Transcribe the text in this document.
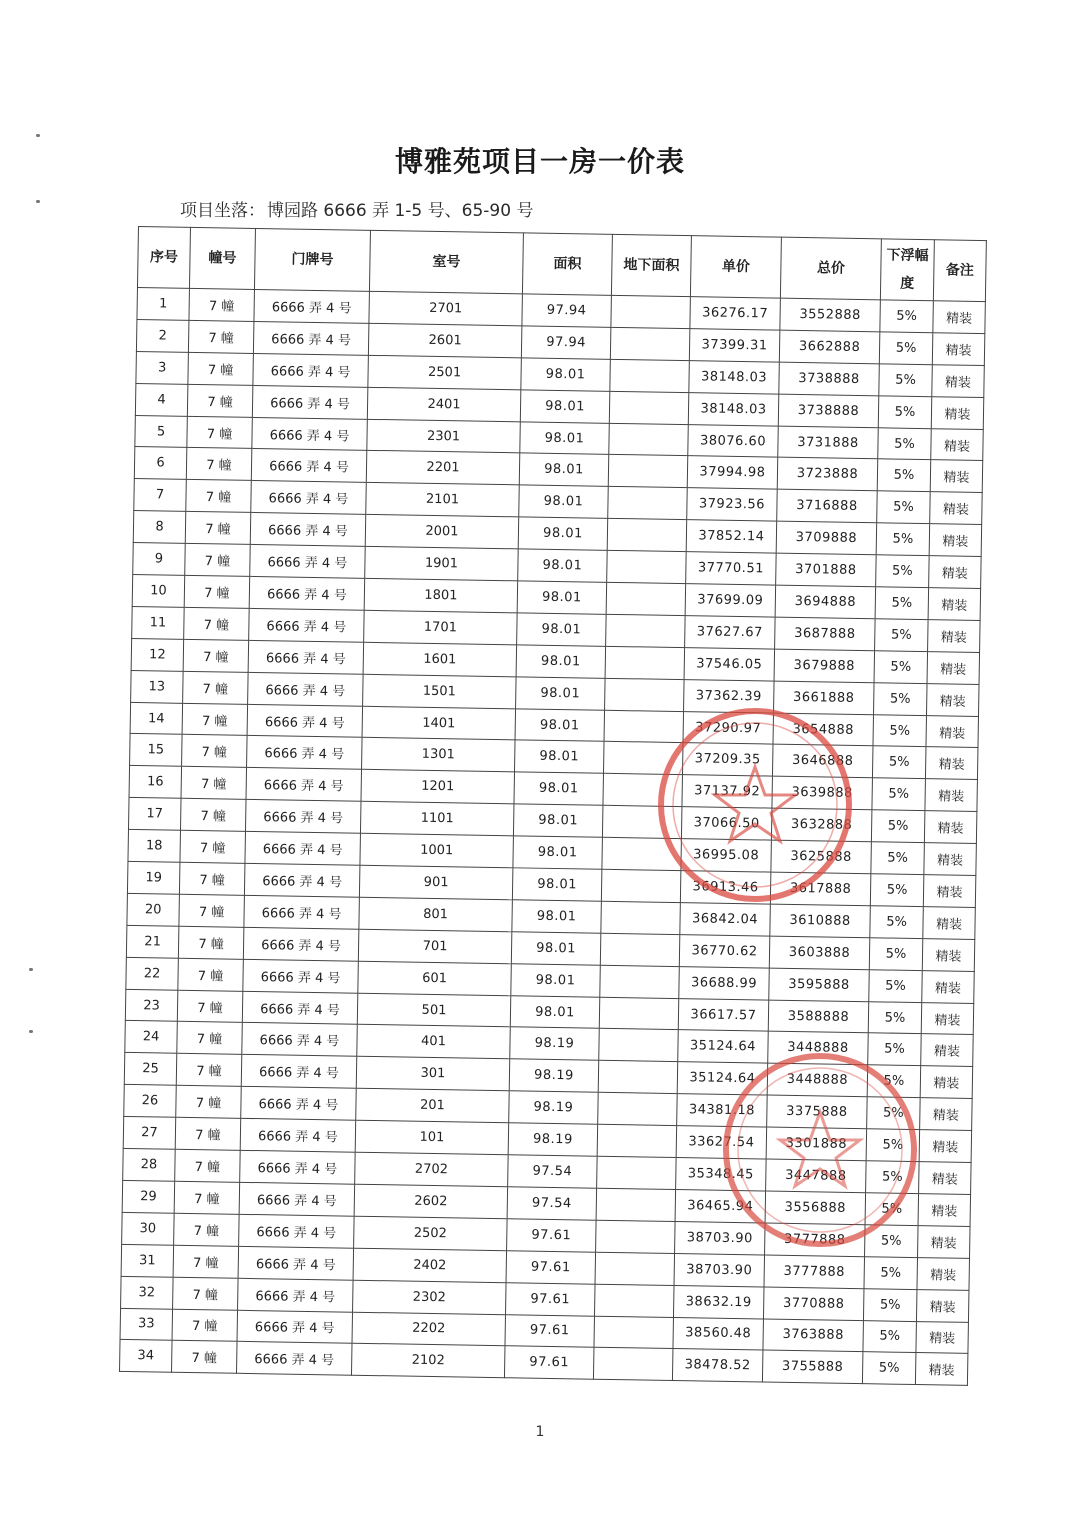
博雅苑项目一房一价表
项目坐落： 博园路 6666 弄 1-5 号、65-90 号
序号	幢号	门牌号	室号	面积	地下面积	单价	总价	下浮幅度	备注
1	7 幢	6666 弄 4 号	2701	97.94		36276.17	3552888	5%	精装
2	7 幢	6666 弄 4 号	2601	97.94		37399.31	3662888	5%	精装
3	7 幢	6666 弄 4 号	2501	98.01		38148.03	3738888	5%	精装
4	7 幢	6666 弄 4 号	2401	98.01		38148.03	3738888	5%	精装
5	7 幢	6666 弄 4 号	2301	98.01		38076.60	3731888	5%	精装
6	7 幢	6666 弄 4 号	2201	98.01		37994.98	3723888	5%	精装
7	7 幢	6666 弄 4 号	2101	98.01		37923.56	3716888	5%	精装
8	7 幢	6666 弄 4 号	2001	98.01		37852.14	3709888	5%	精装
9	7 幢	6666 弄 4 号	1901	98.01		37770.51	3701888	5%	精装
10	7 幢	6666 弄 4 号	1801	98.01		37699.09	3694888	5%	精装
11	7 幢	6666 弄 4 号	1701	98.01		37627.67	3687888	5%	精装
12	7 幢	6666 弄 4 号	1601	98.01		37546.05	3679888	5%	精装
13	7 幢	6666 弄 4 号	1501	98.01		37362.39	3661888	5%	精装
14	7 幢	6666 弄 4 号	1401	98.01		37290.97	3654888	5%	精装
15	7 幢	6666 弄 4 号	1301	98.01		37209.35	3646888	5%	精装
16	7 幢	6666 弄 4 号	1201	98.01		37137.92	3639888	5%	精装
17	7 幢	6666 弄 4 号	1101	98.01		37066.50	3632888	5%	精装
18	7 幢	6666 弄 4 号	1001	98.01		36995.08	3625888	5%	精装
19	7 幢	6666 弄 4 号	901	98.01		36913.46	3617888	5%	精装
20	7 幢	6666 弄 4 号	801	98.01		36842.04	3610888	5%	精装
21	7 幢	6666 弄 4 号	701	98.01		36770.62	3603888	5%	精装
22	7 幢	6666 弄 4 号	601	98.01		36688.99	3595888	5%	精装
23	7 幢	6666 弄 4 号	501	98.01		36617.57	3588888	5%	精装
24	7 幢	6666 弄 4 号	401	98.19		35124.64	3448888	5%	精装
25	7 幢	6666 弄 4 号	301	98.19		35124.64	3448888	5%	精装
26	7 幢	6666 弄 4 号	201	98.19		34381.18	3375888	5%	精装
27	7 幢	6666 弄 4 号	101	98.19		33627.54	3301888	5%	精装
28	7 幢	6666 弄 4 号	2702	97.54		35348.45	3447888	5%	精装
29	7 幢	6666 弄 4 号	2602	97.54		36465.94	3556888	5%	精装
30	7 幢	6666 弄 4 号	2502	97.61		38703.90	3777888	5%	精装
31	7 幢	6666 弄 4 号	2402	97.61		38703.90	3777888	5%	精装
32	7 幢	6666 弄 4 号	2302	97.61		38632.19	3770888	5%	精装
33	7 幢	6666 弄 4 号	2202	97.61		38560.48	3763888	5%	精装
34	7 幢	6666 弄 4 号	2102	97.61		38478.52	3755888	5%	精装
1
